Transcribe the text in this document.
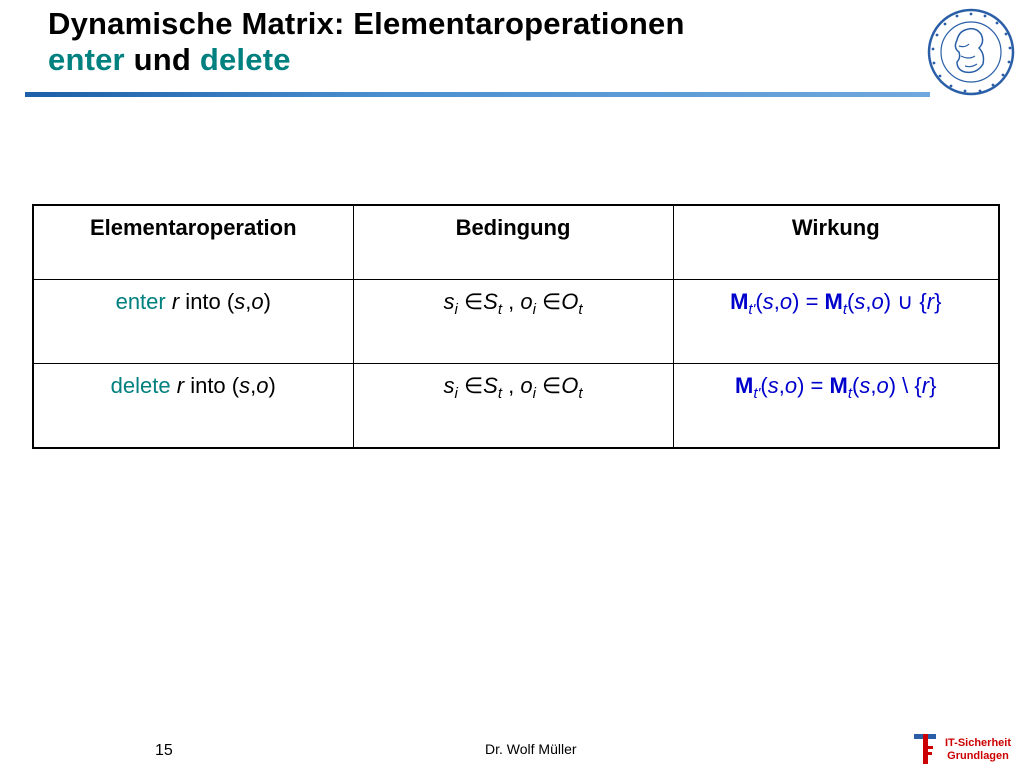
Dynamische Matrix: Elementaroperationen
enter und delete
Elementaroperation	Bedingung	Wirkung
enter r into (s,o)	$s_i$ $\in S_t$ , $o_i$ $\in O_t$	$M_{t'}(s,o) = M_t(s,o)$ ∪ {r}
delete r into (s,o)	$s_i$ $\in S_t$ , $o_i$ $\in O_t$	$M_{t'}(s,o) = M_t(s,o)$ \ {r}
15	Dr. Wolf Müller	IT-Sicherheit
Grundlagen
